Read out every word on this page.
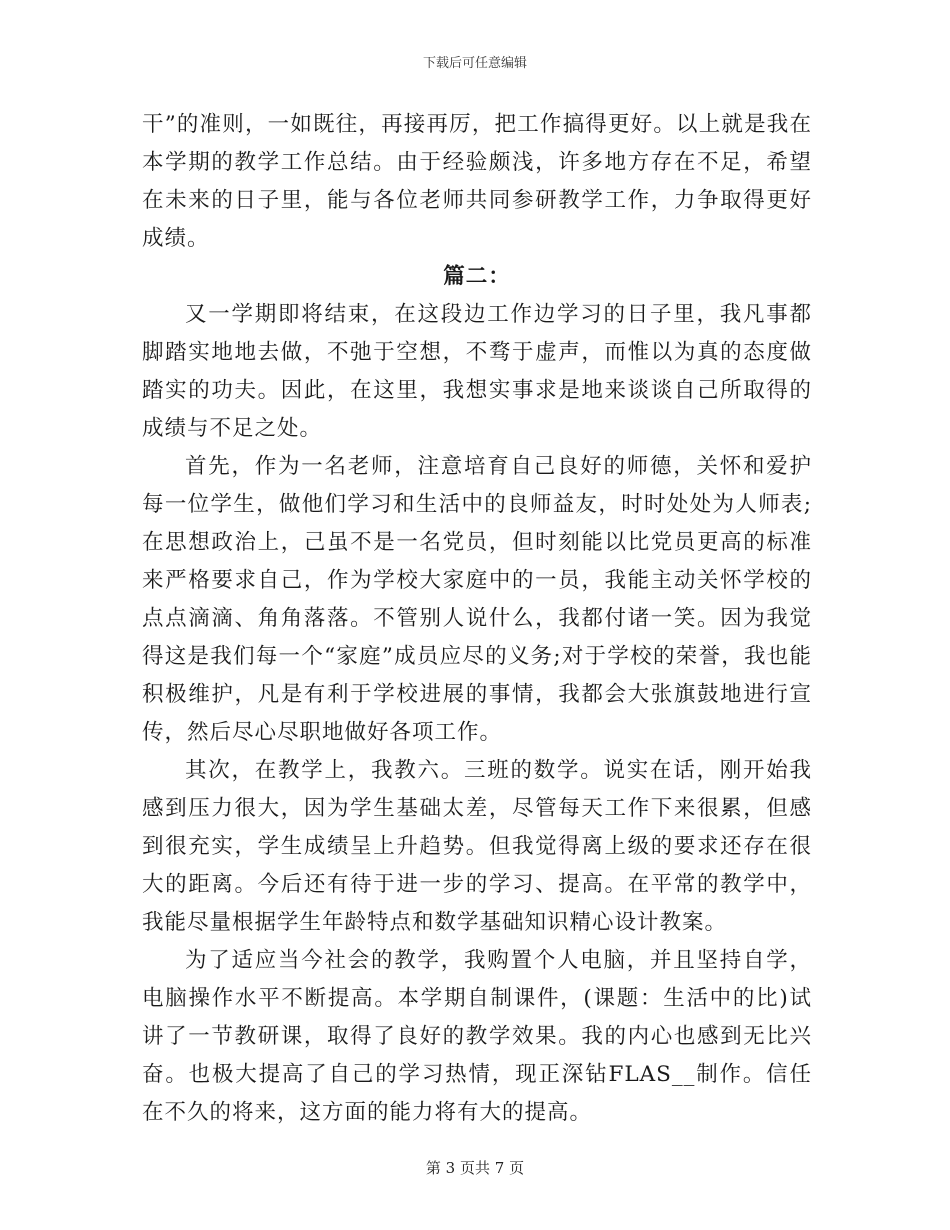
下载后可任意编辑

干”的准则，一如既往，再接再厉，把工作搞得更好。以上就是我在本学期的教学工作总结。由于经验颇浅，许多地方存在不足，希望在未来的日子里，能与各位老师共同参研教学工作，力争取得更好成绩。

篇二：

又一学期即将结束，在这段边工作边学习的日子里，我凡事都脚踏实地地去做，不弛于空想，不骛于虚声，而惟以为真的态度做踏实的功夫。因此，在这里，我想实事求是地来谈谈自己所取得的成绩与不足之处。

首先，作为一名老师，注意培育自己良好的师德，关怀和爱护每一位学生，做他们学习和生活中的良师益友，时时处处为人师表;在思想政治上，己虽不是一名党员，但时刻能以比党员更高的标准来严格要求自己，作为学校大家庭中的一员，我能主动关怀学校的点点滴滴、角角落落。不管别人说什么，我都付诸一笑。因为我觉得这是我们每一个“家庭”成员应尽的义务;对于学校的荣誉，我也能积极维护，凡是有利于学校进展的事情，我都会大张旗鼓地进行宣传，然后尽心尽职地做好各项工作。

其次，在教学上，我教六。三班的数学。说实在话，刚开始我感到压力很大，因为学生基础太差，尽管每天工作下来很累，但感到很充实，学生成绩呈上升趋势。但我觉得离上级的要求还存在很大的距离。今后还有待于进一步的学习、提高。在平常的教学中，我能尽量根据学生年龄特点和数学基础知识精心设计教案。

为了适应当今社会的教学，我购置个人电脑，并且坚持自学，电脑操作水平不断提高。本学期自制课件，(课题：生活中的比)试讲了一节教研课，取得了良好的教学效果。我的内心也感到无比兴奋。也极大提高了自己的学习热情，现正深钻FLAS__制作。信任在不久的将来，这方面的能力将有大的提高。

第 3 页共 7 页
